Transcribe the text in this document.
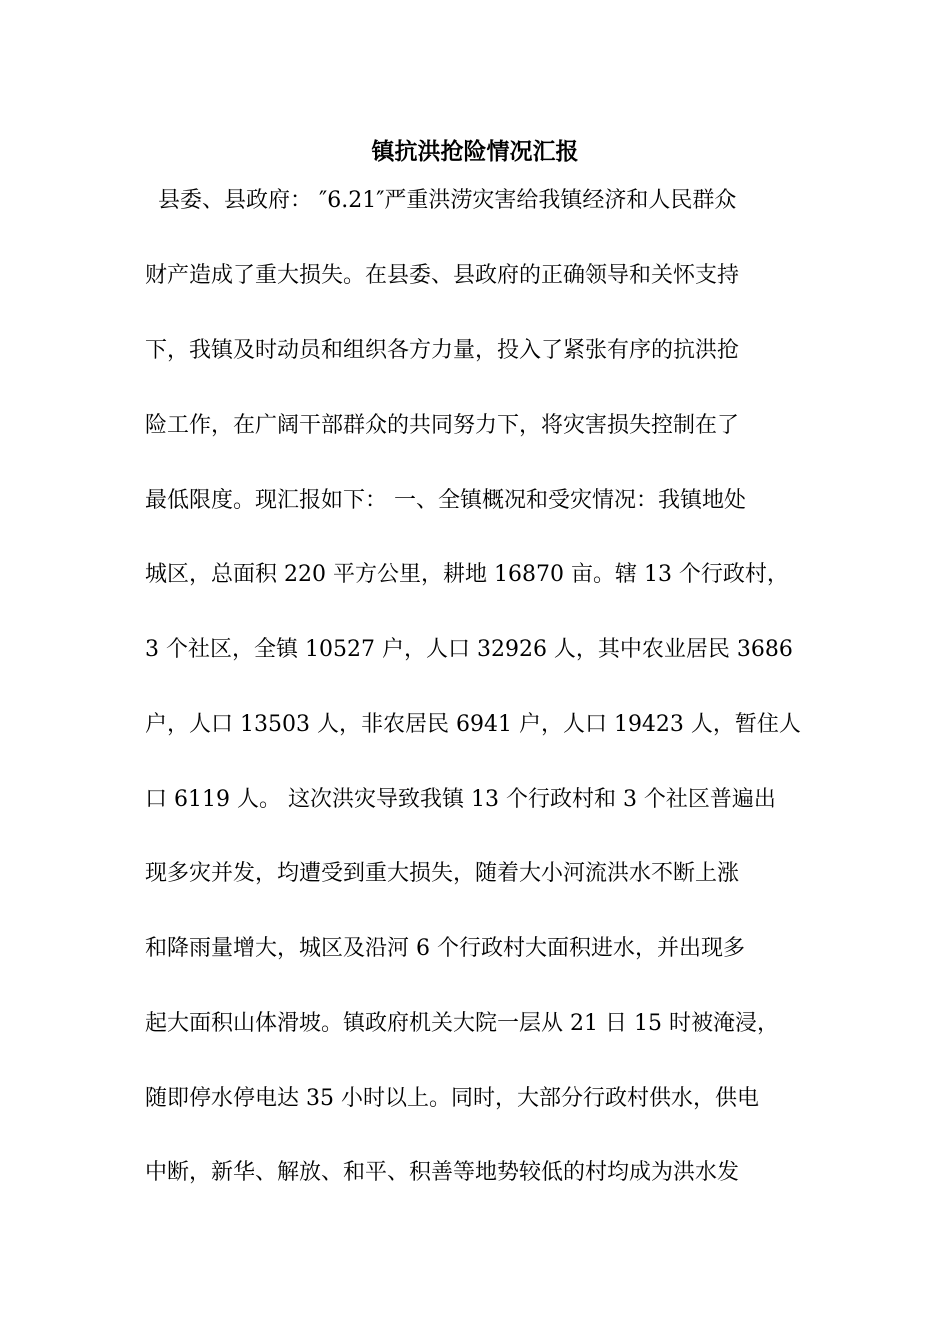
镇抗洪抢险情况汇报

县委、县政府： ″6.21″严重洪涝灾害给我镇经济和人民群众

财产造成了重大损失。在县委、县政府的正确领导和关怀支持

下，我镇及时动员和组织各方力量，投入了紧张有序的抗洪抢

险工作，在广阔干部群众的共同努力下，将灾害损失控制在了

最低限度。现汇报如下： 一、全镇概况和受灾情况：我镇地处

城区，总面积 220 平方公里，耕地 16870 亩。辖 13 个行政村，

3 个社区，全镇 10527 户，人口 32926 人，其中农业居民 3686

户，人口 13503 人，非农居民 6941 户，人口 19423 人，暂住人

口 6119 人。 这次洪灾导致我镇 13 个行政村和 3 个社区普遍出

现多灾并发，均遭受到重大损失，随着大小河流洪水不断上涨

和降雨量增大，城区及沿河 6 个行政村大面积进水，并出现多

起大面积山体滑坡。镇政府机关大院一层从 21 日 15 时被淹浸，

随即停水停电达 35 小时以上。同时，大部分行政村供水，供电

中断，新华、解放、和平、积善等地势较低的村均成为洪水发
